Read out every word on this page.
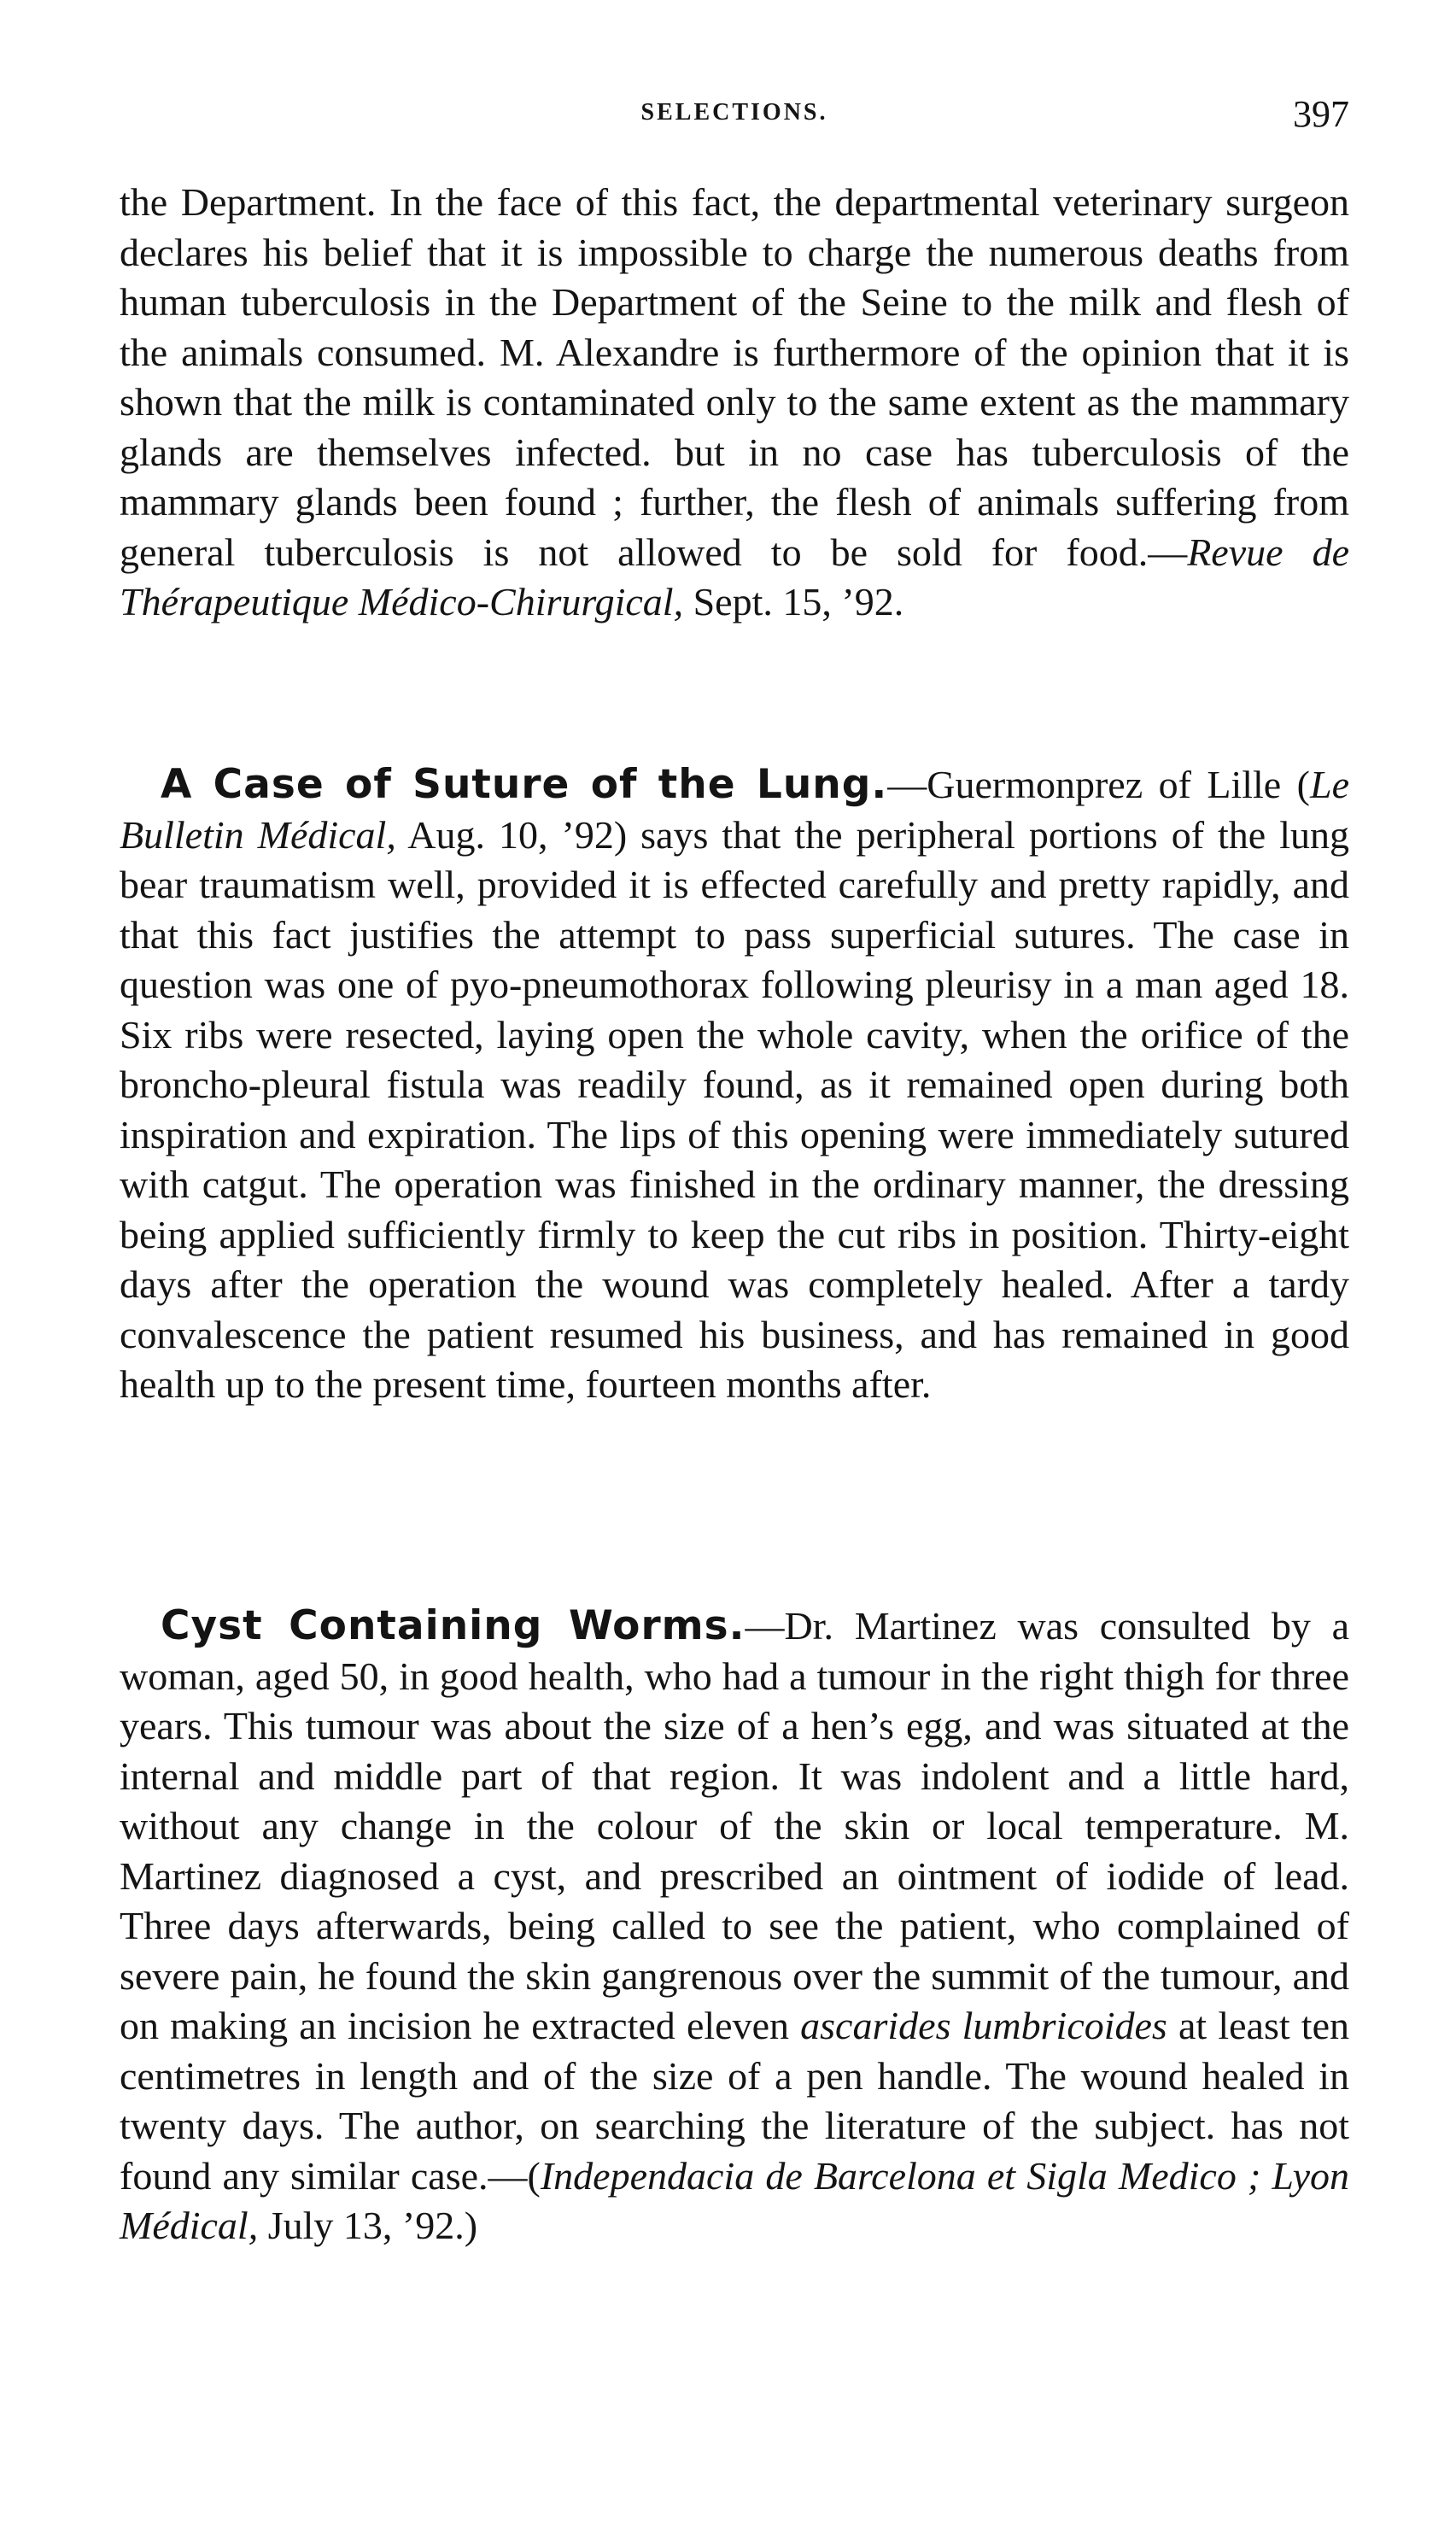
SELECTIONS.	397
the Department. In the face of this fact, the departmental veterinary surgeon declares his belief that it is impossible to charge the numerous deaths from human tuberculosis in the Department of the Seine to the milk and flesh of the animals consumed. M. Alexandre is furthermore of the opinion that it is shown that the milk is contaminated only to the same extent as the mammary glands are themselves infected. but in no case has tuberculosis of the mammary glands been found ; further, the flesh of animals suffering from general tuberculosis is not allowed to be sold for food.—Revue de Thérapeutique Médico-Chirurgical, Sept. 15, ’92.
A Case of Suture of the Lung.—Guermonprez of Lille (Le Bulletin Médical, Aug. 10, ’92) says that the peripheral portions of the lung bear traumatism well, provided it is effected carefully and pretty rapidly, and that this fact justifies the attempt to pass superficial sutures. The case in question was one of pyo-pneumothorax following pleurisy in a man aged 18. Six ribs were resected, laying open the whole cavity, when the orifice of the broncho-pleural fistula was readily found, as it remained open during both inspiration and expiration. The lips of this opening were immediately sutured with catgut. The operation was finished in the ordinary manner, the dressing being applied sufficiently firmly to keep the cut ribs in position. Thirty-eight days after the operation the wound was completely healed. After a tardy convalescence the patient resumed his business, and has remained in good health up to the present time, fourteen months after.
Cyst Containing Worms.—Dr. Martinez was consulted by a woman, aged 50, in good health, who had a tumour in the right thigh for three years. This tumour was about the size of a hen’s egg, and was situated at the internal and middle part of that region. It was indolent and a little hard, without any change in the colour of the skin or local temperature. M. Martinez diagnosed a cyst, and prescribed an ointment of iodide of lead. Three days afterwards, being called to see the patient, who complained of severe pain, he found the skin gangrenous over the summit of the tumour, and on making an incision he extracted eleven ascarides lumbricoides at least ten centimetres in length and of the size of a pen handle. The wound healed in twenty days. The author, on searching the literature of the subject. has not found any similar case.—(Independacia de Barcelona et Sigla Medico ; Lyon Médical, July 13, ’92.)
